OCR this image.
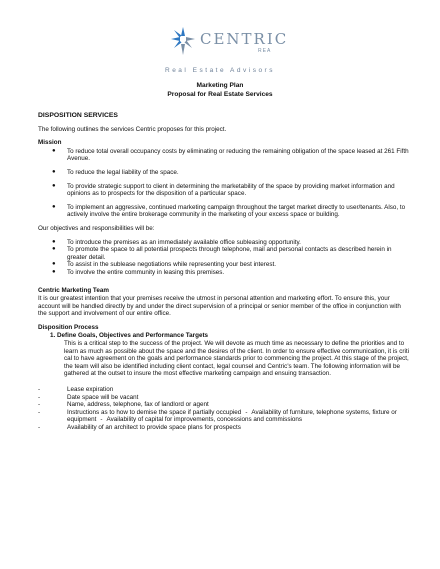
CENTRIC
REA
Real Estate Advisors
Marketing Plan
Proposal for Real Estate Services
DISPOSITION SERVICES
The following outlines the services Centric proposes for this project.
Mission
● To reduce total overall occupancy costs by eliminating or reducing the remaining obligation of the space leased at 261 Fifth Avenue.
● To reduce the legal liability of the space.
● To provide strategic support to client in determining the marketability of the space by providing market information and opinions as to prospects for the disposition of a particular space.
● To implement an aggressive, continued marketing campaign throughout the target market directly to user/tenants. Also, to actively involve the entire brokerage community in the marketing of your excess space or building.
Our objectives and responsibilities will be:
● To introduce the premises as an immediately available office subleasing opportunity.
● To promote the space to all potential prospects through telephone, mail and personal contacts as described herein in greater detail.
● To assist in the sublease negotiations while representing your best interest.
● To involve the entire community in leasing this premises.
Centric Marketing Team
It is our greatest intention that your premises receive the utmost in personal attention and marketing effort. To ensure this, your account will be handled directly by and under the direct supervision of a principal or senior member of the office in conjunction with the support and involvement of our entire office.
Disposition Process
1. Define Goals, Objectives and Performance Targets
This is a critical step to the success of the project. We will devote as much time as necessary to define the priorities and to learn as much as possible about the space and the desires of the client. In order to ensure effective communication, it is criti cal to have agreement on the goals and performance standards prior to commencing the project. At this stage of the project, the team will also be identified including client contact, legal counsel and Centric's team. The following information will be gathered at the outset to insure the most effective marketing campaign and ensuing transaction.
-	Lease expiration
-	Date space will be vacant
-	Name, address, telephone, fax of landlord or agent
-	Instructions as to how to demise the space if partially occupied - Availability of furniture, telephone systems, fixture or equipment - Availability of capital for improvements, concessions and commissions
-	Availability of an architect to provide space plans for prospects
